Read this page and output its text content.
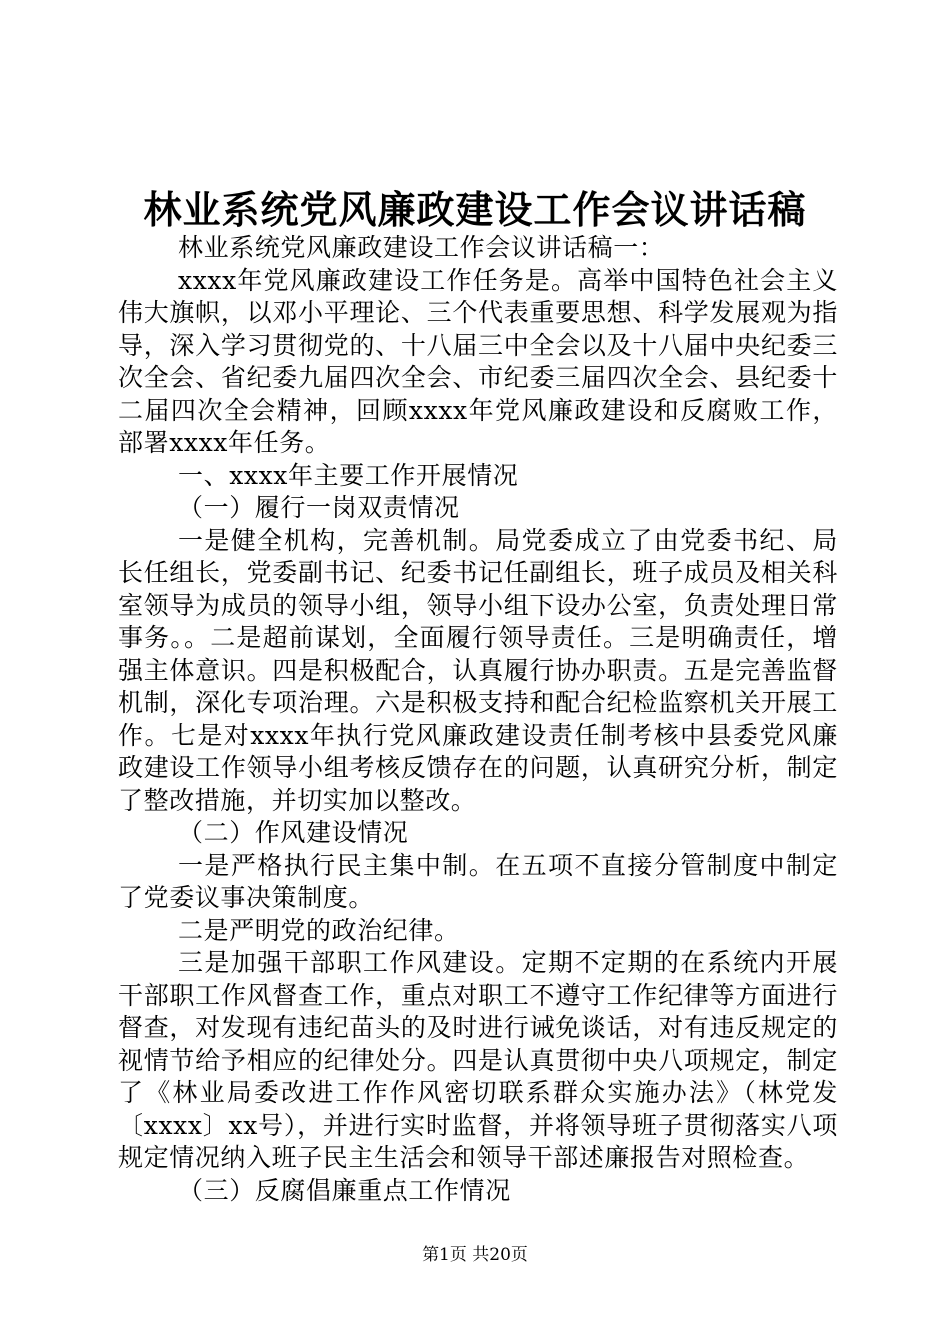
林业系统党风廉政建设工作会议讲话稿

林业系统党风廉政建设工作会议讲话稿一：

xxxx年党风廉政建设工作任务是。高举中国特色社会主义伟大旗帜，以邓小平理论、三个代表重要思想、科学发展观为指导，深入学习贯彻党的、十八届三中全会以及十八届中央纪委三次全会、省纪委九届四次全会、市纪委三届四次全会、县纪委十二届四次全会精神，回顾xxxx年党风廉政建设和反腐败工作，部署xxxx年任务。

一、xxxx年主要工作开展情况

（一）履行一岗双责情况

一是健全机构，完善机制。局党委成立了由党委书纪、局长任组长，党委副书记、纪委书记任副组长，班子成员及相关科室领导为成员的领导小组，领导小组下设办公室，负责处理日常事务。。二是超前谋划，全面履行领导责任。三是明确责任，增强主体意识。四是积极配合，认真履行协办职责。五是完善监督机制，深化专项治理。六是积极支持和配合纪检监察机关开展工作。七是对xxxx年执行党风廉政建设责任制考核中县委党风廉政建设工作领导小组考核反馈存在的问题，认真研究分析，制定了整改措施，并切实加以整改。

（二）作风建设情况

一是严格执行民主集中制。在五项不直接分管制度中制定了党委议事决策制度。

二是严明党的政治纪律。

三是加强干部职工作风建设。定期不定期的在系统内开展干部职工作风督查工作，重点对职工不遵守工作纪律等方面进行督查，对发现有违纪苗头的及时进行诫免谈话，对有违反规定的视情节给予相应的纪律处分。四是认真贯彻中央八项规定，制定了《林业局委改进工作作风密切联系群众实施办法》（林党发〔xxxx〕xx号），并进行实时监督，并将领导班子贯彻落实八项规定情况纳入班子民主生活会和领导干部述廉报告对照检查。

（三）反腐倡廉重点工作情况

第1页 共20页
